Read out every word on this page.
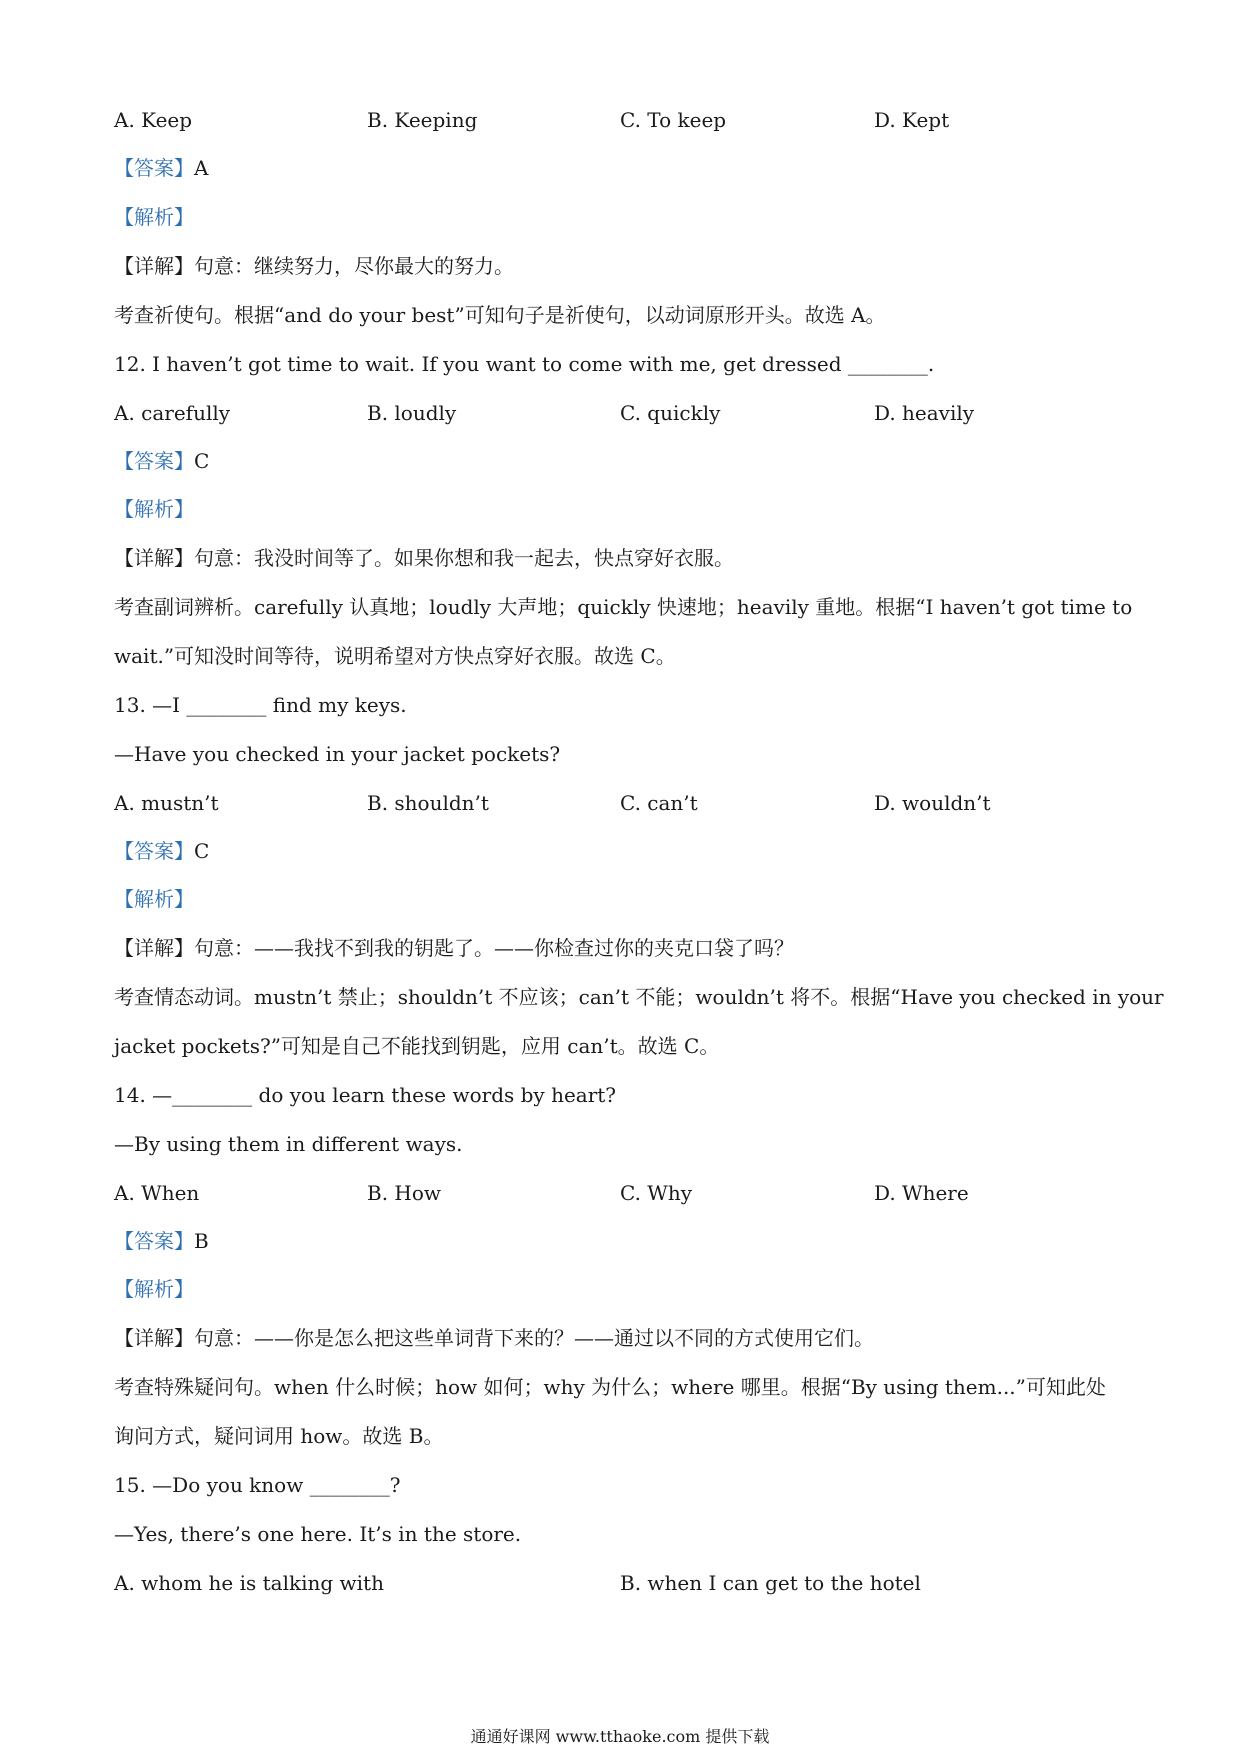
A. Keep	B. Keeping	C. To keep	D. Kept
【答案】A
【解析】
【详解】句意：继续努力，尽你最大的努力。
考查祈使句。根据“and do your best”可知句子是祈使句，以动词原形开头。故选 A。
12. I haven’t got time to wait. If you want to come with me, get dressed ________.
A. carefully	B. loudly	C. quickly	D. heavily
【答案】C
【解析】
【详解】句意：我没时间等了。如果你想和我一起去，快点穿好衣服。
考查副词辨析。carefully 认真地；loudly 大声地；quickly 快速地；heavily 重地。根据“I haven’t got time to
wait.”可知没时间等待，说明希望对方快点穿好衣服。故选 C。
13. —I ________ find my keys.
—Have you checked in your jacket pockets?
A. mustn’t	B. shouldn’t	C. can’t	D. wouldn’t
【答案】C
【解析】
【详解】句意：——我找不到我的钥匙了。——你检查过你的夹克口袋了吗？
考查情态动词。mustn’t 禁止；shouldn’t 不应该；can’t 不能；wouldn’t 将不。根据“Have you checked in your
jacket pockets?”可知是自己不能找到钥匙，应用 can’t。故选 C。
14. —________ do you learn these words by heart?
—By using them in different ways.
A. When	B. How	C. Why	D. Where
【答案】B
【解析】
【详解】句意：——你是怎么把这些单词背下来的？——通过以不同的方式使用它们。
考查特殊疑问句。when 什么时候；how 如何；why 为什么；where 哪里。根据“By using them...”可知此处
询问方式，疑问词用 how。故选 B。
15. —Do you know ________?
—Yes, there’s one here. It’s in the store.
A. whom he is talking with	B. when I can get to the hotel
通通好课网 www.tthaoke.com 提供下载
